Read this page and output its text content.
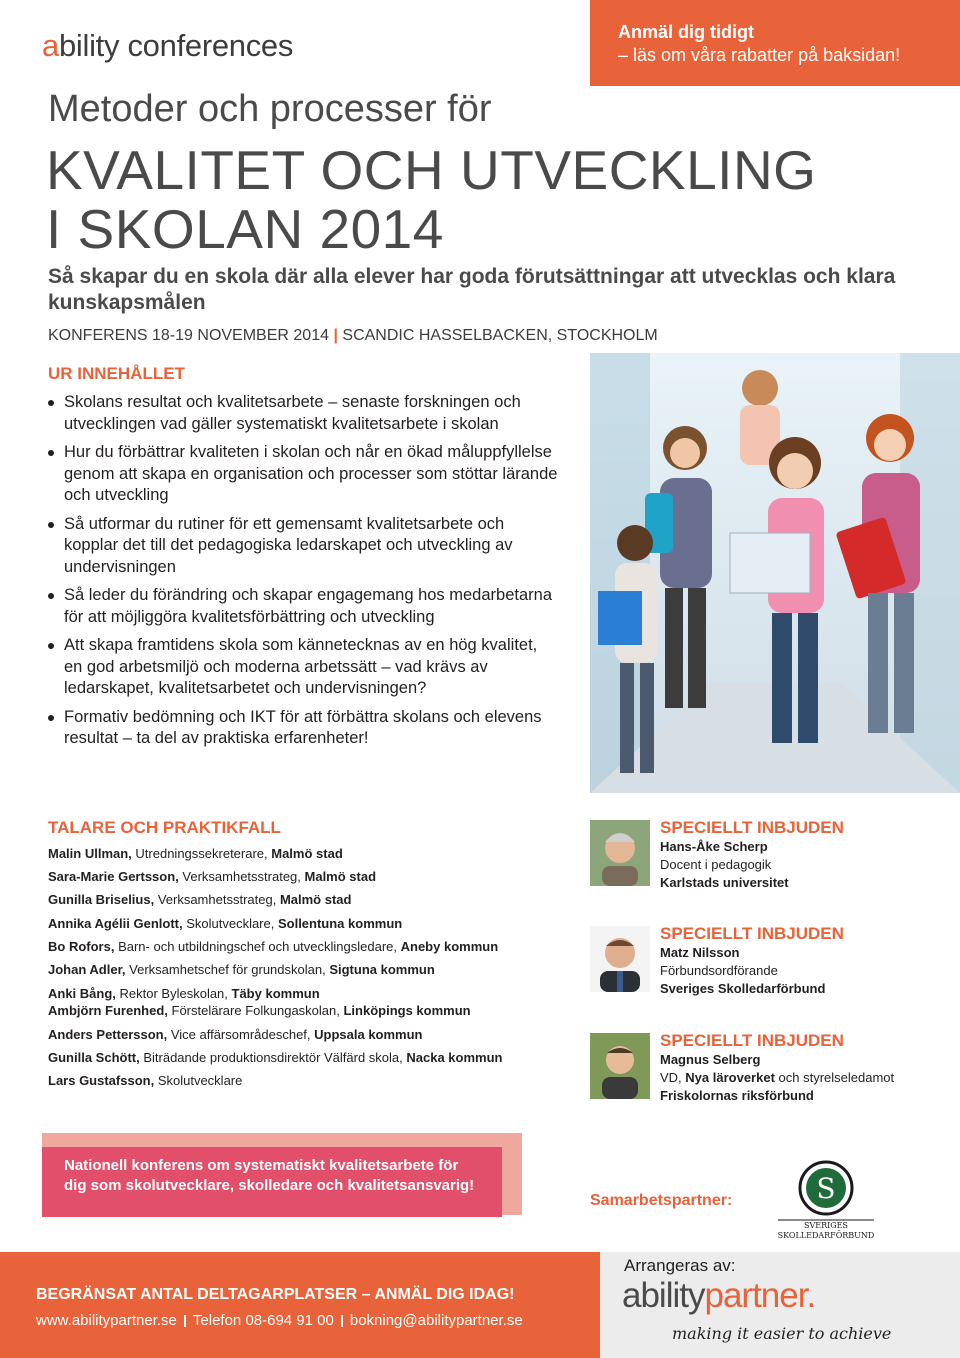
ability conferences	Anmäl dig tidigt
– läs om våra rabatter på baksidan!
Metoder och processer för
KVALITET OCH UTVECKLING
I SKOLAN 2014
Så skapar du en skola där alla elever har goda förutsättningar att utvecklas och klara kunskapsmålen
KONFERENS 18-19 NOVEMBER 2014 | SCANDIC HASSELBACKEN, STOCKHOLM
UR INNEHÅLLET
Skolans resultat och kvalitetsarbete – senaste forskningen och utvecklingen vad gäller systematiskt kvalitetsarbete i skolan
Hur du förbättrar kvaliteten i skolan och når en ökad måluppfyllelse genom att skapa en organisation och processer som stöttar lärande och utveckling
Så utformar du rutiner för ett gemensamt kvalitetsarbete och kopplar det till det pedagogiska ledarskapet och utveckling av undervisningen
Så leder du förändring och skapar engagemang hos medarbetarna för att möjliggöra kvalitetsförbättring och utveckling
Att skapa framtidens skola som kännetecknas av en hög kvalitet, en god arbetsmiljö och moderna arbetssätt – vad krävs av ledarskapet, kvalitetsarbetet och undervisningen?
Formativ bedömning och IKT för att förbättra skolans och elevens resultat – ta del av praktiska erfarenheter!
TALARE OCH PRAKTIKFALL
Malin Ullman, Utredningssekreterare, Malmö stad
Sara-Marie Gertsson, Verksamhetsstrateg, Malmö stad
Gunilla Briselius, Verksamhetsstrateg, Malmö stad
Annika Agélii Genlott, Skolutvecklare, Sollentuna kommun
Bo Rofors, Barn- och utbildningschef och utvecklingsledare, Aneby kommun
Johan Adler, Verksamhetschef för grundskolan, Sigtuna kommun
Anki Bång, Rektor Byleskolan, Täby kommun
Ambjörn Furenhed, Förstelärare Folkungaskolan, Linköpings kommun
Anders Pettersson, Vice affärsområdeschef, Uppsala kommun
Gunilla Schött, Biträdande produktionsdirektör Välfärd skola, Nacka kommun
Lars Gustafsson, Skolutvecklare
SPECIELLT INBJUDEN
Hans-Åke Scherp
Docent i pedagogik
Karlstads universitet
SPECIELLT INBJUDEN
Matz Nilsson
Förbundsordförande
Sveriges Skolledarförbund
SPECIELLT INBJUDEN
Magnus Selberg
VD, Nya läroverket och styrelseledamot
Friskolornas riksförbund
Nationell konferens om systematiskt kvalitetsarbete för
dig som skolutvecklare, skolledare och kvalitetsansvarig!
Samarbetspartner:	S
SVERIGES
SKOLLEDARFÖRBUND
BEGRÄNSAT ANTAL DELTAGARPLATSER – ANMÄL DIG IDAG!
www.abilitypartner.se Telefon 08-694 91 00 bokning@abilitypartner.se
Arrangeras av:
abilitypartner.
making it easier to achieve
